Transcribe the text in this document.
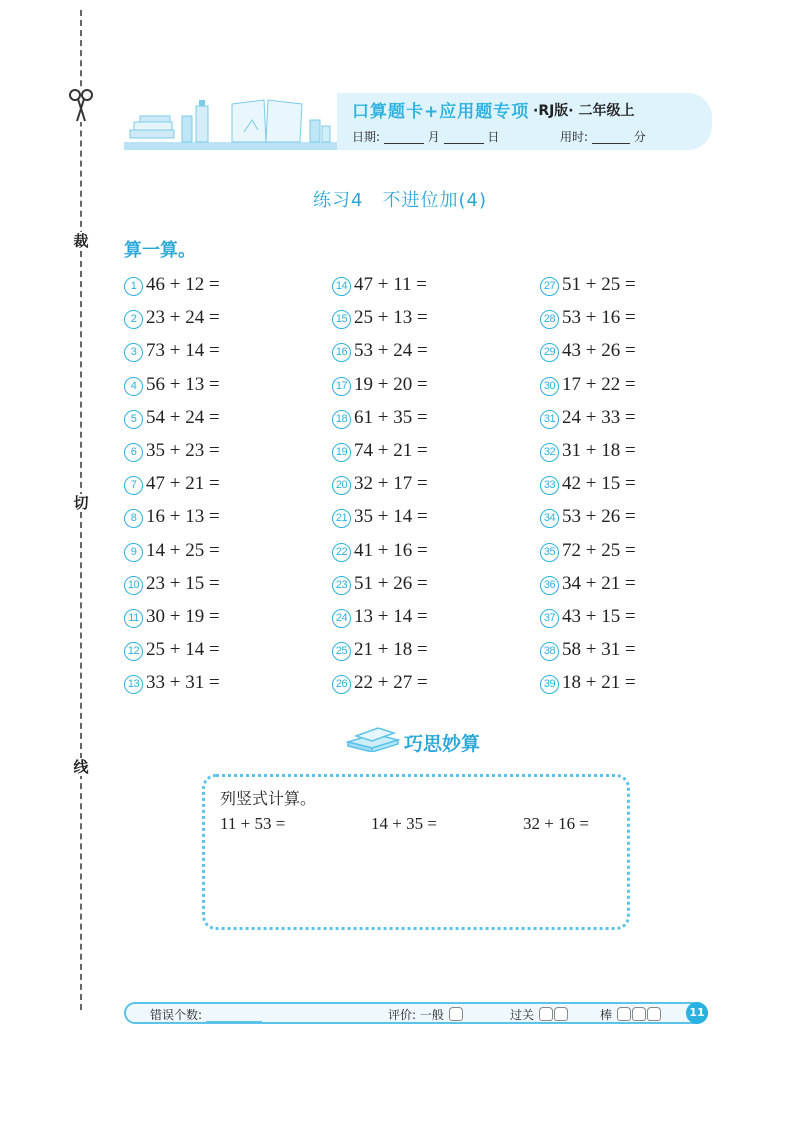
裁
切
线
口算题卡+应用题专项 ·RJ版· 二年级上
日期:	月	日	用时:	分
练习4　不进位加(4)
算一算。
1 46 + 12 =
2 23 + 24 =
3 73 + 14 =
4 56 + 13 =
5 54 + 24 =
6 35 + 23 =
7 47 + 21 =
8 16 + 13 =
9 14 + 25 =
10 23 + 15 =
11 30 + 19 =
12 25 + 14 =
13 33 + 31 =
14 47 + 11 =
15 25 + 13 =
16 53 + 24 =
17 19 + 20 =
18 61 + 35 =
19 74 + 21 =
20 32 + 17 =
21 35 + 14 =
22 41 + 16 =
23 51 + 26 =
24 13 + 14 =
25 21 + 18 =
26 22 + 27 =
27 51 + 25 =
28 53 + 16 =
29 43 + 26 =
30 17 + 22 =
31 24 + 33 =
32 31 + 18 =
33 42 + 15 =
34 53 + 26 =
35 72 + 25 =
36 34 + 21 =
37 43 + 15 =
38 58 + 31 =
39 18 + 21 =
巧思妙算
列竖式计算。
11 + 53 =	14 + 35 =	32 + 16 =
错误个数:	评价: 一般	过关	棒	11
